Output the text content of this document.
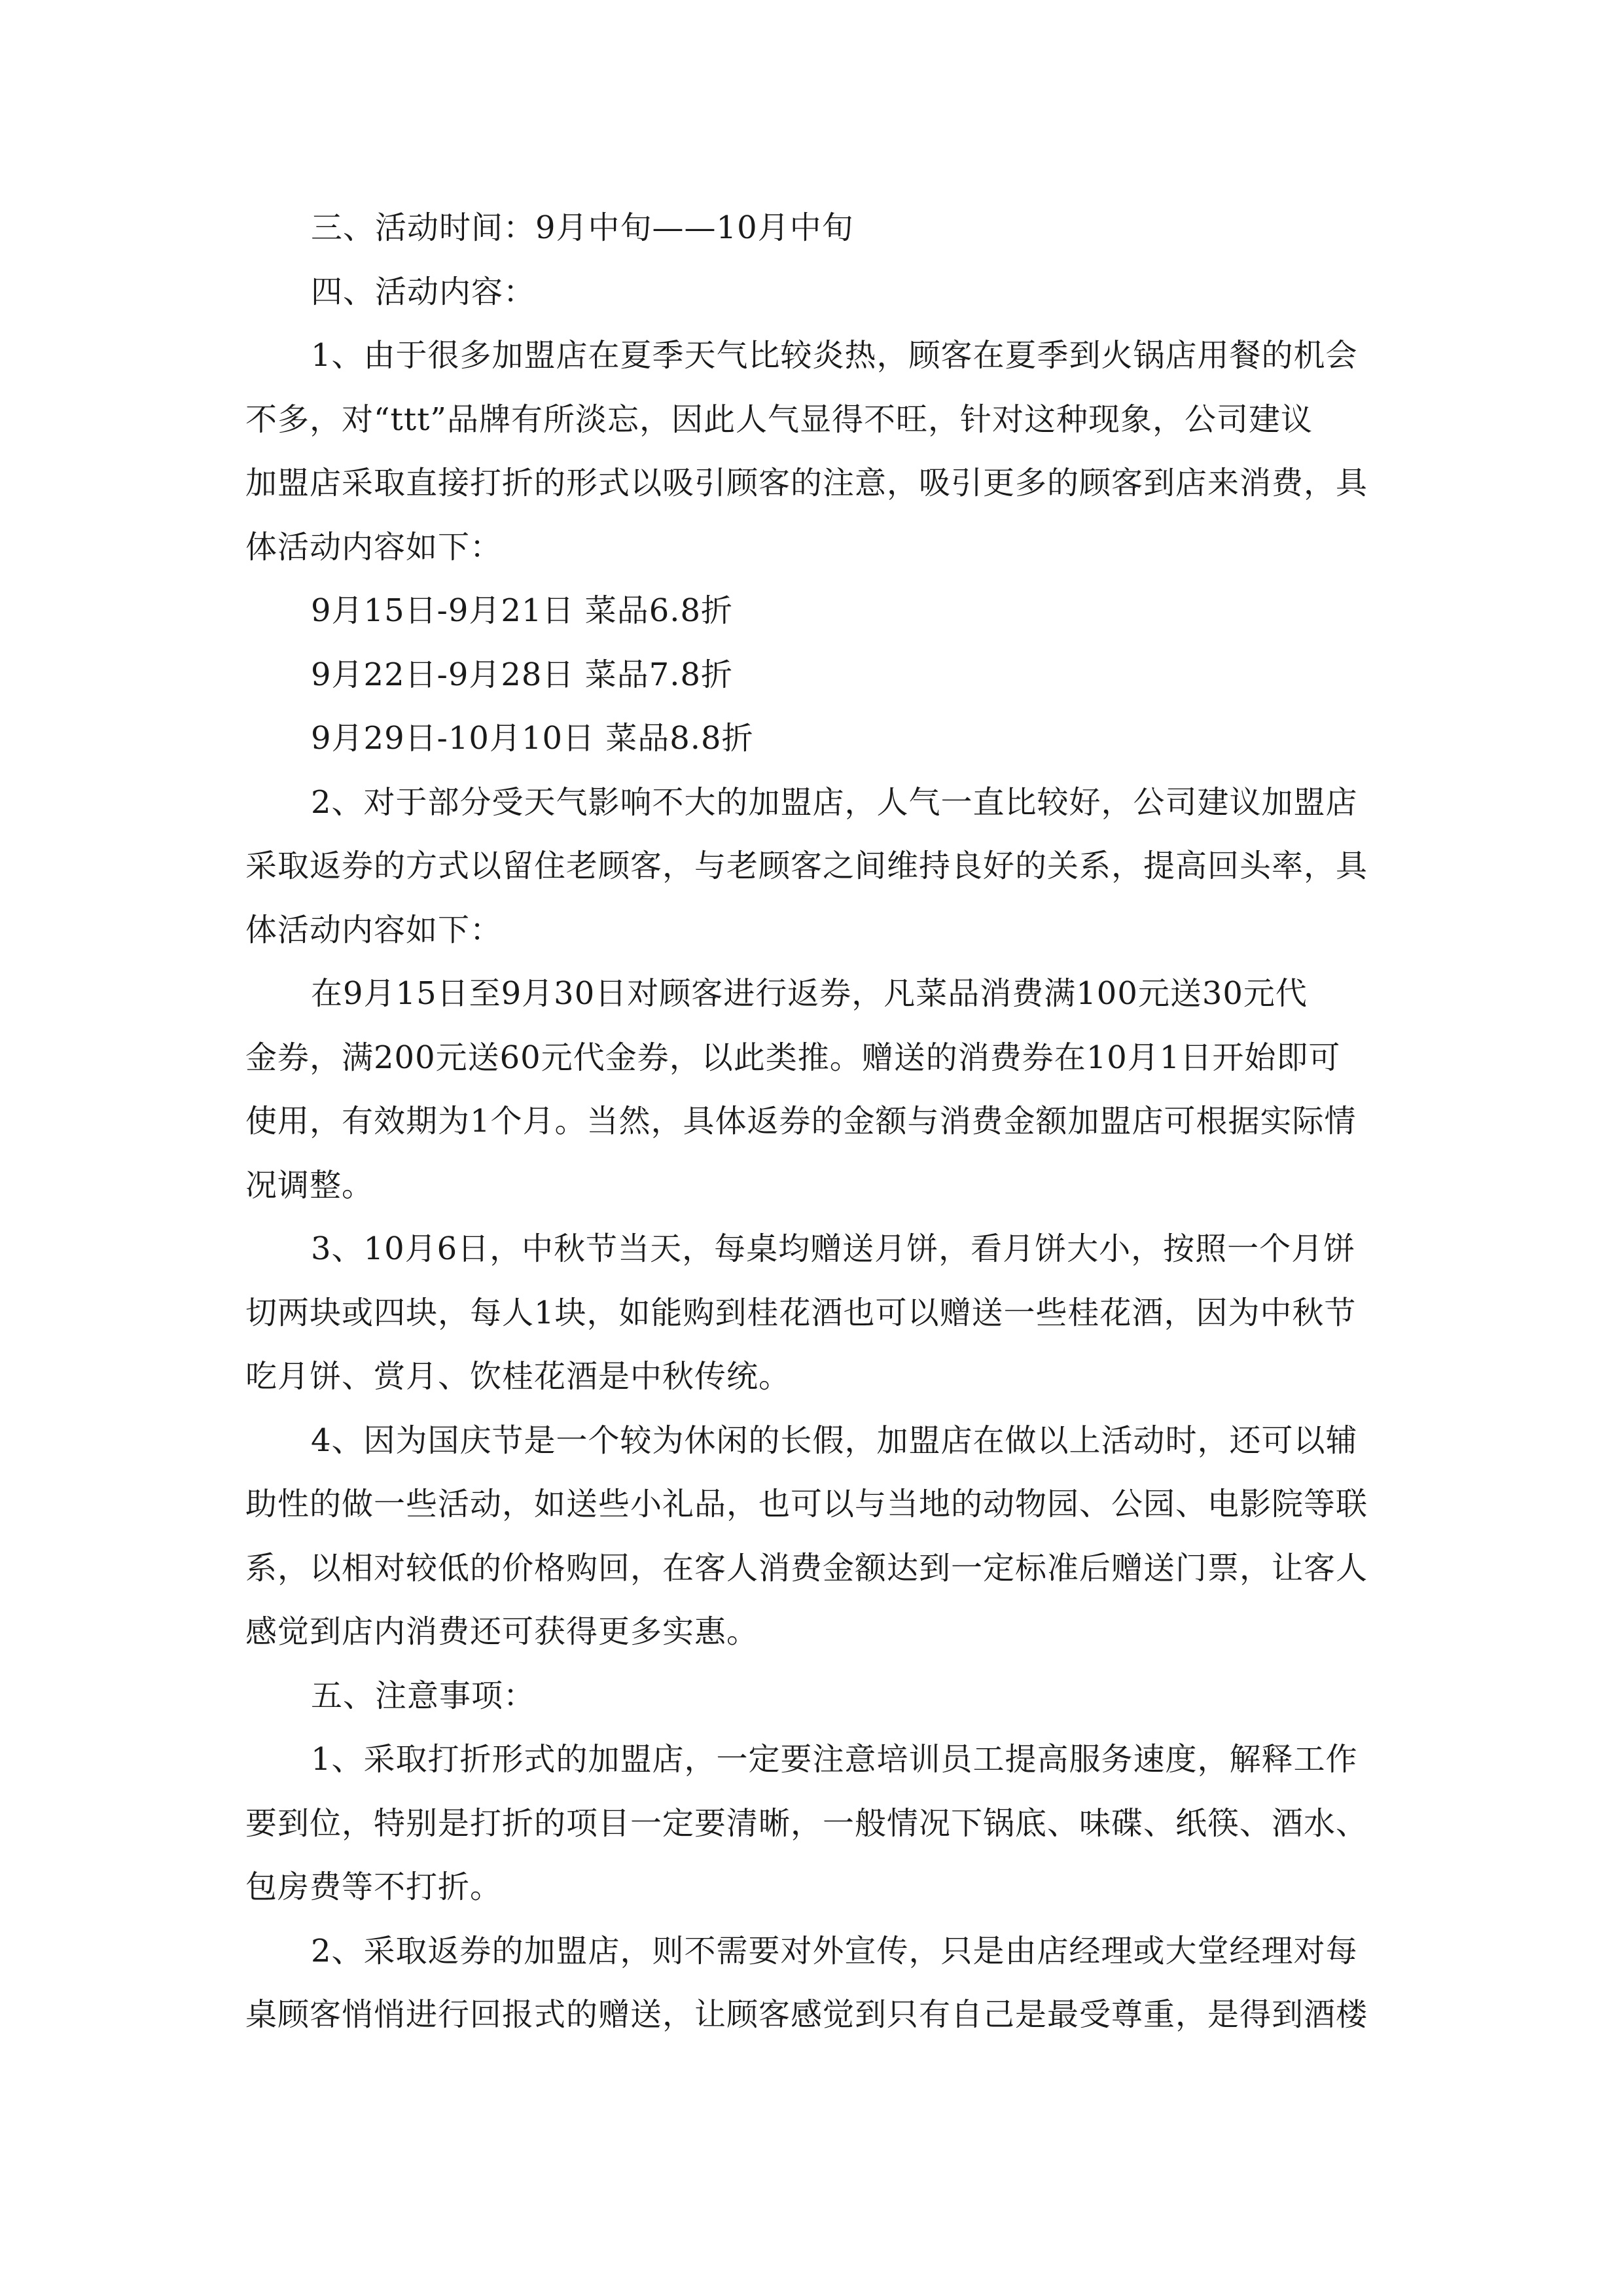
三、活动时间：9月中旬——10月中旬
四、活动内容：
1、由于很多加盟店在夏季天气比较炎热，顾客在夏季到火锅店用餐的机会
不多，对“ttt”品牌有所淡忘，因此人气显得不旺，针对这种现象，公司建议
加盟店采取直接打折的形式以吸引顾客的注意，吸引更多的顾客到店来消费，具
体活动内容如下：
9月15日-9月21日 菜品6.8折
9月22日-9月28日 菜品7.8折
9月29日-10月10日 菜品8.8折
2、对于部分受天气影响不大的加盟店，人气一直比较好，公司建议加盟店
采取返券的方式以留住老顾客，与老顾客之间维持良好的关系，提高回头率，具
体活动内容如下：
在9月15日至9月30日对顾客进行返券，凡菜品消费满100元送30元代
金券，满200元送60元代金券，以此类推。赠送的消费券在10月1日开始即可
使用，有效期为1个月。当然，具体返券的金额与消费金额加盟店可根据实际情
况调整。
3、10月6日，中秋节当天，每桌均赠送月饼，看月饼大小，按照一个月饼
切两块或四块，每人1块，如能购到桂花酒也可以赠送一些桂花酒，因为中秋节
吃月饼、赏月、饮桂花酒是中秋传统。
4、因为国庆节是一个较为休闲的长假，加盟店在做以上活动时，还可以辅
助性的做一些活动，如送些小礼品，也可以与当地的动物园、公园、电影院等联
系，以相对较低的价格购回，在客人消费金额达到一定标准后赠送门票，让客人
感觉到店内消费还可获得更多实惠。
五、注意事项：
1、采取打折形式的加盟店，一定要注意培训员工提高服务速度，解释工作
要到位，特别是打折的项目一定要清晰，一般情况下锅底、味碟、纸筷、酒水、
包房费等不打折。
2、采取返券的加盟店，则不需要对外宣传，只是由店经理或大堂经理对每
桌顾客悄悄进行回报式的赠送，让顾客感觉到只有自己是最受尊重，是得到酒楼
